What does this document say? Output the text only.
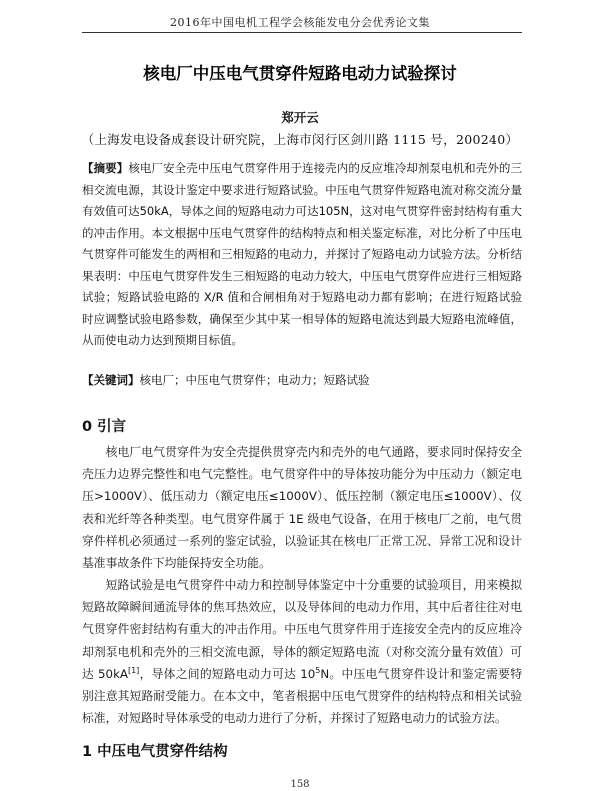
2016年中国电机工程学会核能发电分会优秀论文集
核电厂中压电气贯穿件短路电动力试验探讨
郑开云
（上海发电设备成套设计研究院，上海市闵行区剑川路 1115 号，200240）

【摘要】核电厂安全壳中压电气贯穿件用于连接壳内的反应堆冷却剂泵电机和壳外的三相交流电源，其设计鉴定中要求进行短路试验。中压电气贯穿件短路电流对称交流分量有效值可达50kA，导体之间的短路电动力可达105N，这对电气贯穿件密封结构有重大的冲击作用。本文根据中压电气贯穿件的结构特点和相关鉴定标准，对比分析了中压电气贯穿件可能发生的两相和三相短路的电动力，并探讨了短路电动力试验方法。分析结果表明：中压电气贯穿件发生三相短路的电动力较大，中压电气贯穿件应进行三相短路试验；短路试验电路的 X/R 值和合闸相角对于短路电动力都有影响；在进行短路试验时应调整试验电路参数，确保至少其中某一相导体的短路电流达到最大短路电流峰值，从而使电动力达到预期目标值。

【关键词】核电厂；中压电气贯穿件；电动力；短路试验

0 引言

核电厂电气贯穿件为安全壳提供贯穿壳内和壳外的电气通路，要求同时保持安全壳压力边界完整性和电气完整性。电气贯穿件中的导体按功能分为中压动力（额定电压>1000V）、低压动力（额定电压≤1000V）、低压控制（额定电压≤1000V）、仪表和光纤等各种类型。电气贯穿件属于 1E 级电气设备，在用于核电厂之前，电气贯穿件样机必须通过一系列的鉴定试验，以验证其在核电厂正常工况、异常工况和设计基准事故条件下均能保持安全功能。

短路试验是电气贯穿件中动力和控制导体鉴定中十分重要的试验项目，用来模拟短路故障瞬间通流导体的焦耳热效应，以及导体间的电动力作用，其中后者往往对电气贯穿件密封结构有重大的冲击作用。中压电气贯穿件用于连接安全壳内的反应堆冷却剂泵电机和壳外的三相交流电源，导体的额定短路电流（对称交流分量有效值）可达 50kA[1]，导体之间的短路电动力可达 $10^5N$。中压电气贯穿件设计和鉴定需要特别注意其短路耐受能力。在本文中，笔者根据中压电气贯穿件的结构特点和相关试验标准，对短路时导体承受的电动力进行了分析，并探讨了短路电动力的试验方法。

1 中压电气贯穿件结构
158
